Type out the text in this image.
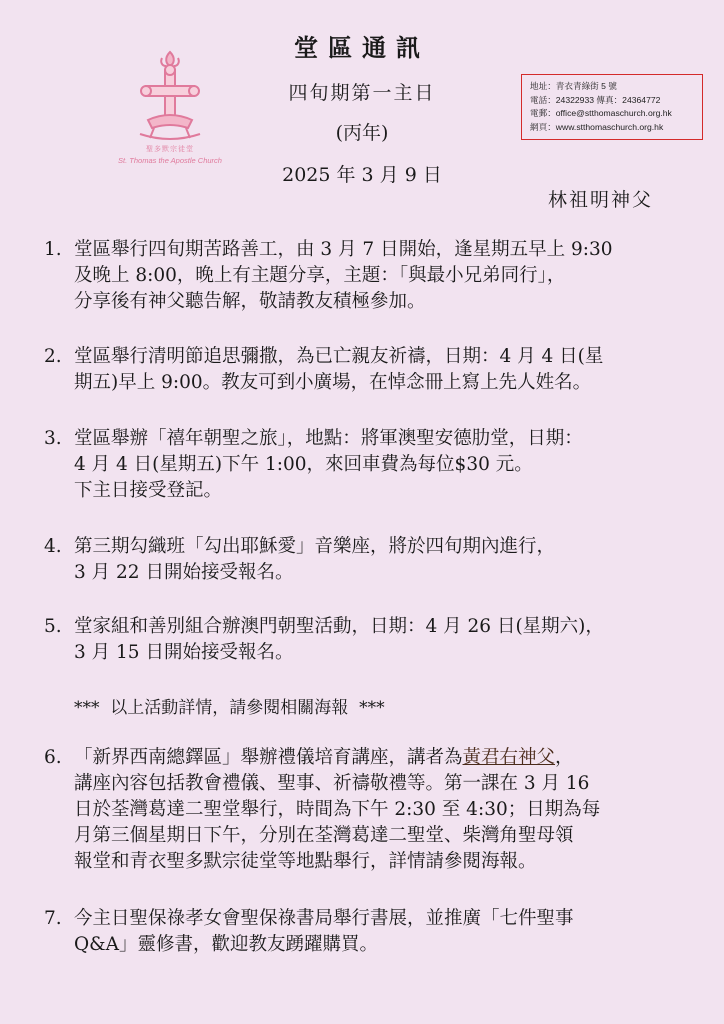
堂區通訊
四旬期第一主日
(丙年)
2025 年 3 月 9 日
林祖明神父
聖多默宗徒堂
St. Thomas the Apostle Church
地址：青衣青綠街 5 號
電話：24322933 傳真：24364772
電郵：office@stthomaschurch.org.hk
網頁：www.stthomaschurch.org.hk
1. 堂區舉行四旬期苦路善工，由 3 月 7 日開始，逢星期五早上 9:30
及晚上 8:00，晚上有主題分享，主題：「與最小兄弟同行」，
分享後有神父聽告解，敬請教友積極參加。
2. 堂區舉行清明節追思彌撒，為已亡親友祈禱，日期：4 月 4 日(星
期五)早上 9:00。教友可到小廣場，在悼念冊上寫上先人姓名。
3. 堂區舉辦「禧年朝聖之旅」，地點：將軍澳聖安德肋堂，日期：
4 月 4 日(星期五)下午 1:00，來回車費為每位$30 元。
下主日接受登記。
4. 第三期勾織班「勾出耶穌愛」音樂座，將於四旬期內進行，
3 月 22 日開始接受報名。
5. 堂家組和善別組合辦澳門朝聖活動，日期：4 月 26 日(星期六)，
3 月 15 日開始接受報名。
***  以上活動詳情，請參閱相關海報  ***
6. 「新界西南總鐸區」舉辦禮儀培育講座，講者為黃君右神父，
講座內容包括教會禮儀、聖事、祈禱敬禮等。第一課在 3 月 16
日於荃灣葛達二聖堂舉行，時間為下午 2:30 至 4:30；日期為每
月第三個星期日下午，分別在荃灣葛達二聖堂、柴灣角聖母領
報堂和青衣聖多默宗徒堂等地點舉行，詳情請參閱海報。
7. 今主日聖保祿孝女會聖保祿書局舉行書展，並推廣「七件聖事
Q&A」靈修書，歡迎教友踴躍購買。
